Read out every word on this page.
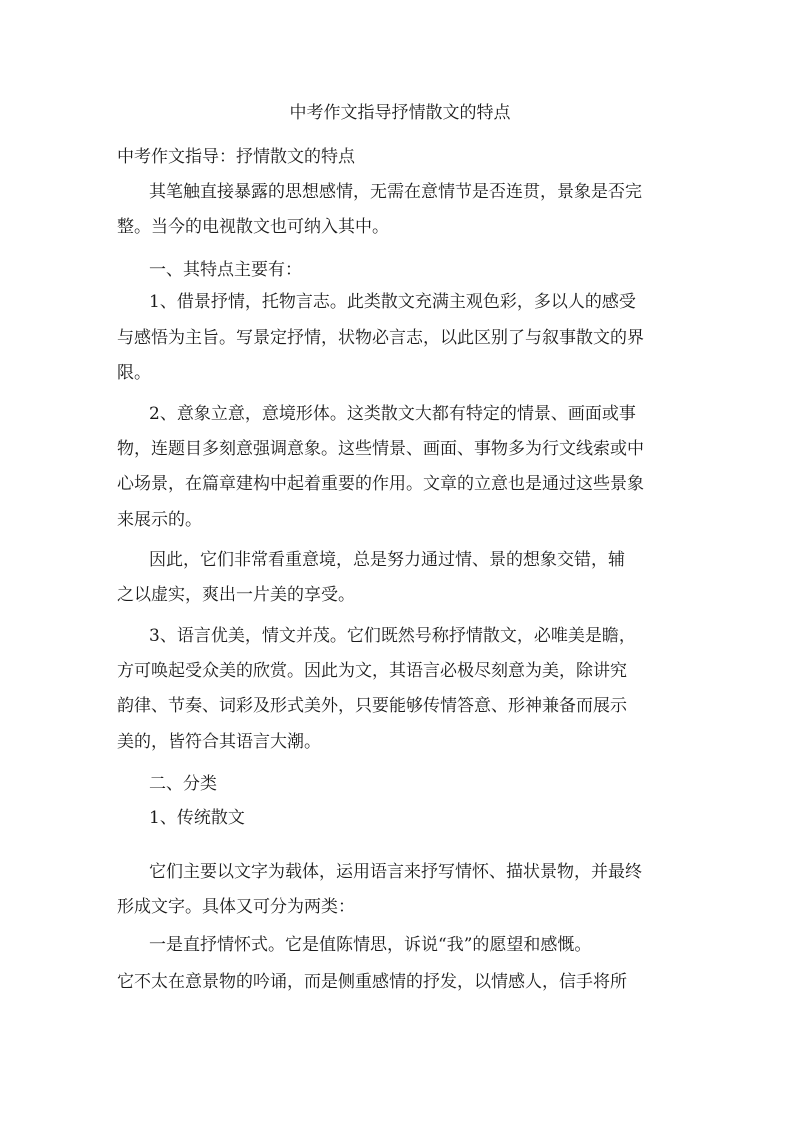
中考作文指导抒情散文的特点

中考作文指导：抒情散文的特点

其笔触直接暴露的思想感情，无需在意情节是否连贯，景象是否完

整。当今的电视散文也可纳入其中。

一、其特点主要有：

1、借景抒情，托物言志。此类散文充满主观色彩，多以人的感受

与感悟为主旨。写景定抒情，状物必言志，以此区别了与叙事散文的界

限。

2、意象立意，意境形体。这类散文大都有特定的情景、画面或事

物，连题目多刻意强调意象。这些情景、画面、事物多为行文线索或中

心场景，在篇章建构中起着重要的作用。文章的立意也是通过这些景象

来展示的。

因此，它们非常看重意境，总是努力通过情、景的想象交错，辅

之以虚实，爽出一片美的享受。

3、语言优美，情文并茂。它们既然号称抒情散文，必唯美是瞻，

方可唤起受众美的欣赏。因此为文，其语言必极尽刻意为美，除讲究

韵律、节奏、词彩及形式美外，只要能够传情答意、形神兼备而展示

美的，皆符合其语言大潮。

二、分类

1、传统散文

它们主要以文字为载体，运用语言来抒写情怀、描状景物，并最终

形成文字。具体又可分为两类：

一是直抒情怀式。它是值陈情思，诉说“我”的愿望和感慨。

它不太在意景物的吟诵，而是侧重感情的抒发，以情感人，信手将所
